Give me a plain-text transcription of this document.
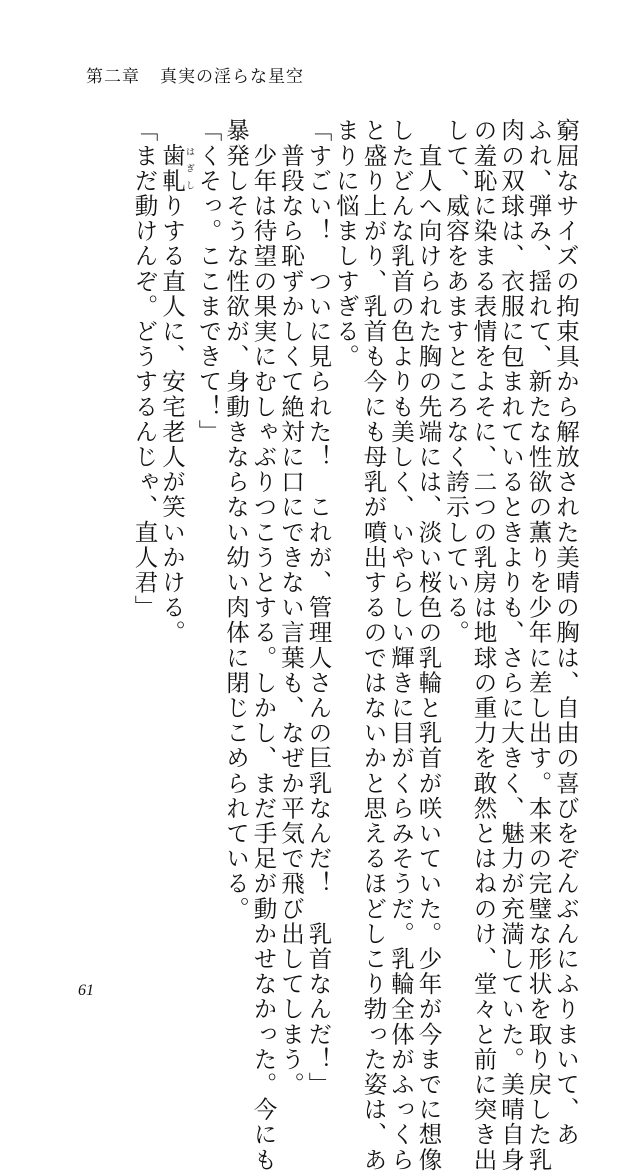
第二章 真実の淫らな星空
窮屈なサイズの拘束具から解放された美晴の胸は、自由の喜びをぞんぶんにふりまいて、あ
ふれ、弾み、揺れて、新たな性欲の薫りを少年に差し出す。本来の完璧な形状を取り戻した乳
肉の双球は、衣服に包まれているときよりも、さらに大きく、魅力が充満していた。美晴自身
の羞恥に染まる表情をよそに、二つの乳房は地球の重力を敢然とはねのけ、堂々と前に突き出
して、威容をあますところなく誇示している。
　直人へ向けられた胸の先端には、淡い桜色の乳輪と乳首が咲いていた。少年が今までに想像
したどんな乳首の色よりも美しく、いやらしい輝きに目がくらみそうだ。乳輪全体がふっくら
と盛り上がり、乳首も今にも母乳が噴出するのではないかと思えるほどしこり勃った姿は、あ
まりに悩ましすぎる。
「すごい！　ついに見られた！　これが、管理人さんの巨乳なんだ！　乳首なんだ！」
　普段なら恥ずかしくて絶対に口にできない言葉も、なぜか平気で飛び出してしまう。
　少年は待望の果実にむしゃぶりつこうとする。しかし、まだ手足が動かせなかった。今にも
暴発しそうな性欲が、身動きならない幼い肉体に閉じこめられている。
「くそっ。ここまできて！」
　歯軋はぎしりする直人に、安宅老人が笑いかける。
「まだ動けんぞ。どうするんじゃ、直人君」
61
